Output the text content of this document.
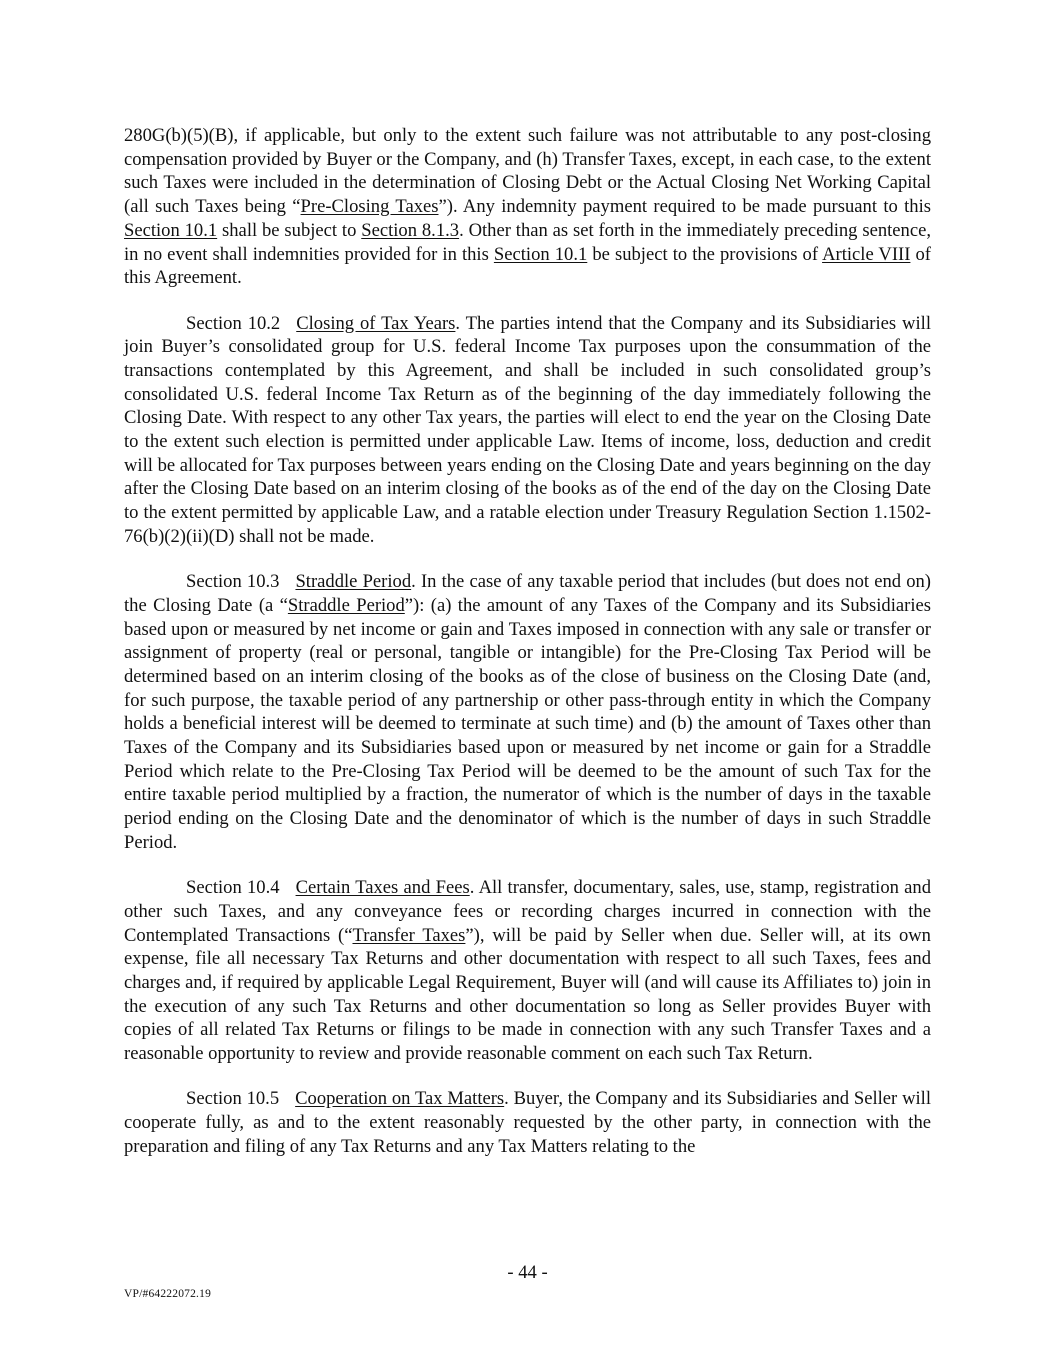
280G(b)(5)(B), if applicable, but only to the extent such failure was not attributable to any post-closing compensation provided by Buyer or the Company, and (h) Transfer Taxes, except, in each case, to the extent such Taxes were included in the determination of Closing Debt or the Actual Closing Net Working Capital (all such Taxes being “Pre-Closing Taxes”). Any indemnity payment required to be made pursuant to this Section 10.1 shall be subject to Section 8.1.3. Other than as set forth in the immediately preceding sentence, in no event shall indemnities provided for in this Section 10.1 be subject to the provisions of Article VIII of this Agreement.

Section 10.2 Closing of Tax Years. The parties intend that the Company and its Subsidiaries will join Buyer’s consolidated group for U.S. federal Income Tax purposes upon the consummation of the transactions contemplated by this Agreement, and shall be included in such consolidated group’s consolidated U.S. federal Income Tax Return as of the beginning of the day immediately following the Closing Date. With respect to any other Tax years, the parties will elect to end the year on the Closing Date to the extent such election is permitted under applicable Law. Items of income, loss, deduction and credit will be allocated for Tax purposes between years ending on the Closing Date and years beginning on the day after the Closing Date based on an interim closing of the books as of the end of the day on the Closing Date to the extent permitted by applicable Law, and a ratable election under Treasury Regulation Section 1.1502-76(b)(2)(ii)(D) shall not be made.

Section 10.3 Straddle Period. In the case of any taxable period that includes (but does not end on) the Closing Date (a “Straddle Period”): (a) the amount of any Taxes of the Company and its Subsidiaries based upon or measured by net income or gain and Taxes imposed in connection with any sale or transfer or assignment of property (real or personal, tangible or intangible) for the Pre-Closing Tax Period will be determined based on an interim closing of the books as of the close of business on the Closing Date (and, for such purpose, the taxable period of any partnership or other pass-through entity in which the Company holds a beneficial interest will be deemed to terminate at such time) and (b) the amount of Taxes other than Taxes of the Company and its Subsidiaries based upon or measured by net income or gain for a Straddle Period which relate to the Pre-Closing Tax Period will be deemed to be the amount of such Tax for the entire taxable period multiplied by a fraction, the numerator of which is the number of days in the taxable period ending on the Closing Date and the denominator of which is the number of days in such Straddle Period.

Section 10.4 Certain Taxes and Fees. All transfer, documentary, sales, use, stamp, registration and other such Taxes, and any conveyance fees or recording charges incurred in connection with the Contemplated Transactions (“Transfer Taxes”), will be paid by Seller when due. Seller will, at its own expense, file all necessary Tax Returns and other documentation with respect to all such Taxes, fees and charges and, if required by applicable Legal Requirement, Buyer will (and will cause its Affiliates to) join in the execution of any such Tax Returns and other documentation so long as Seller provides Buyer with copies of all related Tax Returns or filings to be made in connection with any such Transfer Taxes and a reasonable opportunity to review and provide reasonable comment on each such Tax Return.

Section 10.5 Cooperation on Tax Matters. Buyer, the Company and its Subsidiaries and Seller will cooperate fully, as and to the extent reasonably requested by the other party, in connection with the preparation and filing of any Tax Returns and any Tax Matters relating to the

- 44 -
VP/#64222072.19
